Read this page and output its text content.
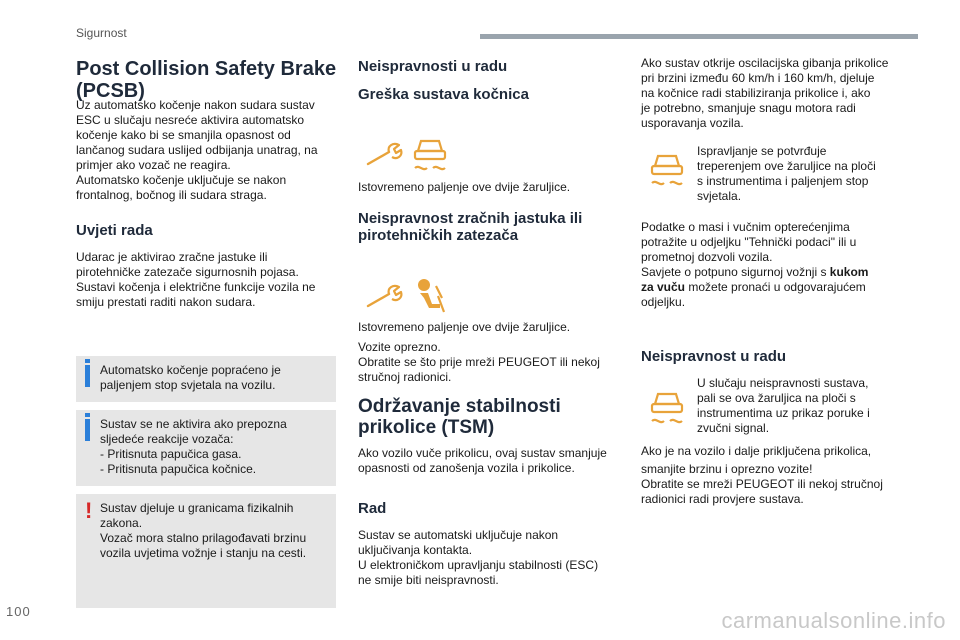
Sigurnost
100	carmanualsonline.info
Post Collision Safety Brake
(PCSB)
Uz automatsko kočenje nakon sudara sustav
ESC u slučaju nesreće aktivira automatsko
kočenje kako bi se smanjila opasnost od
lančanog sudara uslijed odbijanja unatrag, na
primjer ako vozač ne reagira.
Automatsko kočenje uključuje se nakon
frontalnog, bočnog ili sudara straga.
Uvjeti rada
Udarac je aktivirao zračne jastuke ili
pirotehničke zatezače sigurnosnih pojasa.
Sustavi kočenja i električne funkcije vozila ne
smiju prestati raditi nakon sudara.
Automatsko kočenje popraćeno je
paljenjem stop svjetala na vozilu.
Sustav se ne aktivira ako prepozna
sljedeće reakcije vozača:
- Pritisnuta papučica gasa.
- Pritisnuta papučica kočnice.
! Sustav djeluje u granicama fizikalnih
zakona.
Vozač mora stalno prilagođavati brzinu
vozila uvjetima vožnje i stanju na cesti.
Neispravnosti u radu
Greška sustava kočnica
Istovremeno paljenje ove dvije žaruljice.
Neispravnost zračnih jastuka ili
pirotehničkih zatezača
Istovremeno paljenje ove dvije žaruljice.
Vozite oprezno.
Obratite se što prije mreži PEUGEOT ili nekoj
stručnoj radionici.
Održavanje stabilnosti
prikolice (TSM)
Ako vozilo vuče prikolicu, ovaj sustav smanjuje
opasnosti od zanošenja vozila i prikolice.
Rad
Sustav se automatski uključuje nakon
uključivanja kontakta.
U elektroničkom upravljanju stabilnosti (ESC)
ne smije biti neispravnosti.
Ako sustav otkrije oscilacijska gibanja prikolice
pri brzini između 60 km/h i 160 km/h, djeluje
na kočnice radi stabiliziranja prikolice i, ako
je potrebno, smanjuje snagu motora radi
usporavanja vozila.
Ispravljanje se potvrđuje
treperenjem ove žaruljice na ploči
s instrumentima i paljenjem stop
svjetala.
Podatke o masi i vučnim opterećenjima
potražite u odjeljku "Tehnički podaci" ili u
prometnoj dozvoli vozila.
Savjete o potpuno sigurnoj vožnji s kukom
za vuču možete pronaći u odgovarajućem
odjeljku.
Neispravnost u radu
U slučaju neispravnosti sustava,
pali se ova žaruljica na ploči s
instrumentima uz prikaz poruke i
zvučni signal.
Ako je na vozilo i dalje priključena prikolica,
smanjite brzinu i oprezno vozite!
Obratite se mreži PEUGEOT ili nekoj stručnoj
radionici radi provjere sustava.
